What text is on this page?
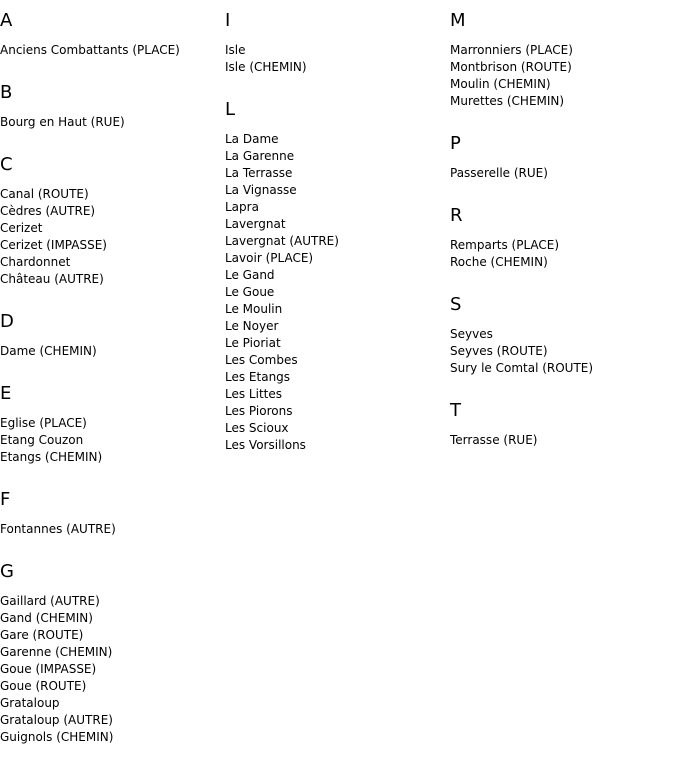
A
Anciens Combattants (PLACE)
B
Bourg en Haut (RUE)
C
Canal (ROUTE)
Cèdres (AUTRE)
Cerizet
Cerizet (IMPASSE)
Chardonnet
Château (AUTRE)
D
Dame (CHEMIN)
E
Eglise (PLACE)
Etang Couzon
Etangs (CHEMIN)
F
Fontannes (AUTRE)
G
Gaillard (AUTRE)
Gand (CHEMIN)
Gare (ROUTE)
Garenne (CHEMIN)
Goue (IMPASSE)
Goue (ROUTE)
Grataloup
Grataloup (AUTRE)
Guignols (CHEMIN)
I
Isle
Isle (CHEMIN)
L
La Dame
La Garenne
La Terrasse
La Vignasse
Lapra
Lavergnat
Lavergnat (AUTRE)
Lavoir (PLACE)
Le Gand
Le Goue
Le Moulin
Le Noyer
Le Pioriat
Les Combes
Les Etangs
Les Littes
Les Piorons
Les Scioux
Les Vorsillons
M
Marronniers (PLACE)
Montbrison (ROUTE)
Moulin (CHEMIN)
Murettes (CHEMIN)
P
Passerelle (RUE)
R
Remparts (PLACE)
Roche (CHEMIN)
S
Seyves
Seyves (ROUTE)
Sury le Comtal (ROUTE)
T
Terrasse (RUE)
